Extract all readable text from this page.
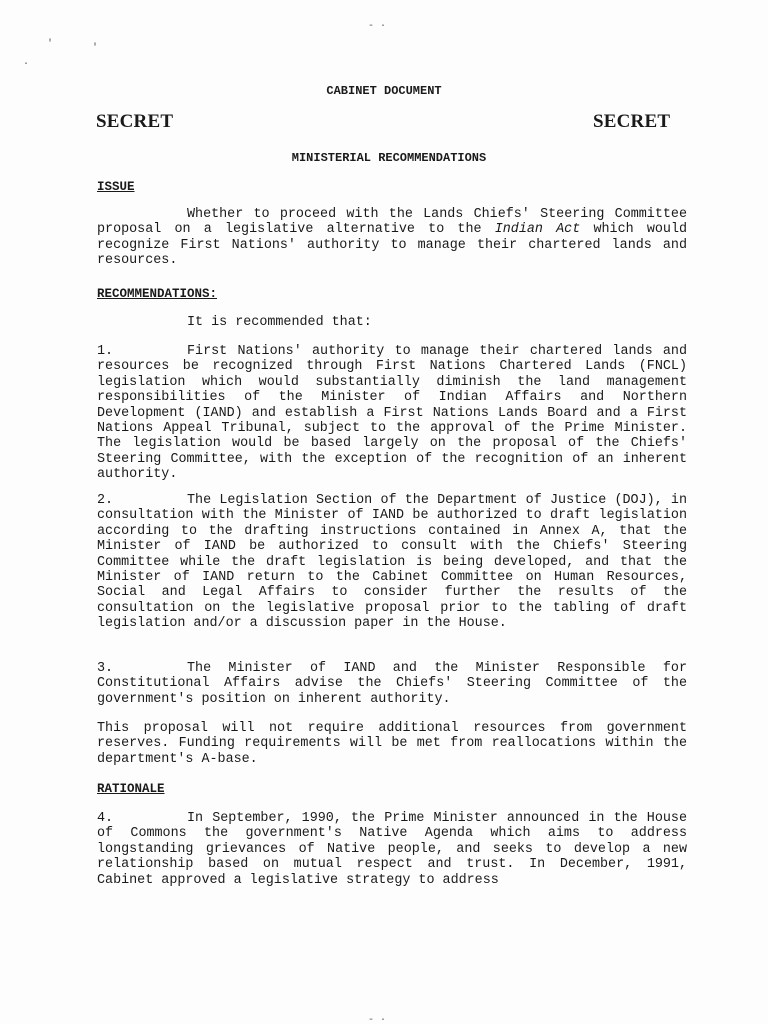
- ·
'	'
·
- ·
CABINET DOCUMENT
SECRET	SECRET
MINISTERIAL RECOMMENDATIONS
ISSUE

Whether to proceed with the Lands Chiefs' Steering Committee proposal on a legislative alternative to the Indian Act which would recognize First Nations' authority to manage their chartered lands and resources.

RECOMMENDATIONS:
It is recommended that:

1.	First Nations' authority to manage their chartered lands and resources be recognized through First Nations Chartered Lands (FNCL) legislation which would substantially diminish the land management responsibilities of the Minister of Indian Affairs and Northern Development (IAND) and establish a First Nations Lands Board and a First Nations Appeal Tribunal, subject to the approval of the Prime Minister. The legislation would be based largely on the proposal of the Chiefs' Steering Committee, with the exception of the recognition of an inherent authority.

2.	The Legislation Section of the Department of Justice (DOJ), in consultation with the Minister of IAND be authorized to draft legislation according to the drafting instructions contained in Annex A, that the Minister of IAND be authorized to consult with the Chiefs' Steering Committee while the draft legislation is being developed, and that the Minister of IAND return to the Cabinet Committee on Human Resources, Social and Legal Affairs to consider further the results of the consultation on the legislative proposal prior to the tabling of draft legislation and/or a discussion paper in the House.

3.	The Minister of IAND and the Minister Responsible for Constitutional Affairs advise the Chiefs' Steering Committee of the government's position on inherent authority.

This proposal will not require additional resources from government reserves. Funding requirements will be met from reallocations within the department's A-base.

RATIONALE

4.	In September, 1990, the Prime Minister announced in the House of Commons the government's Native Agenda which aims to address longstanding grievances of Native people, and seeks to develop a new relationship based on mutual respect and trust. In December, 1991, Cabinet approved a legislative strategy to address
